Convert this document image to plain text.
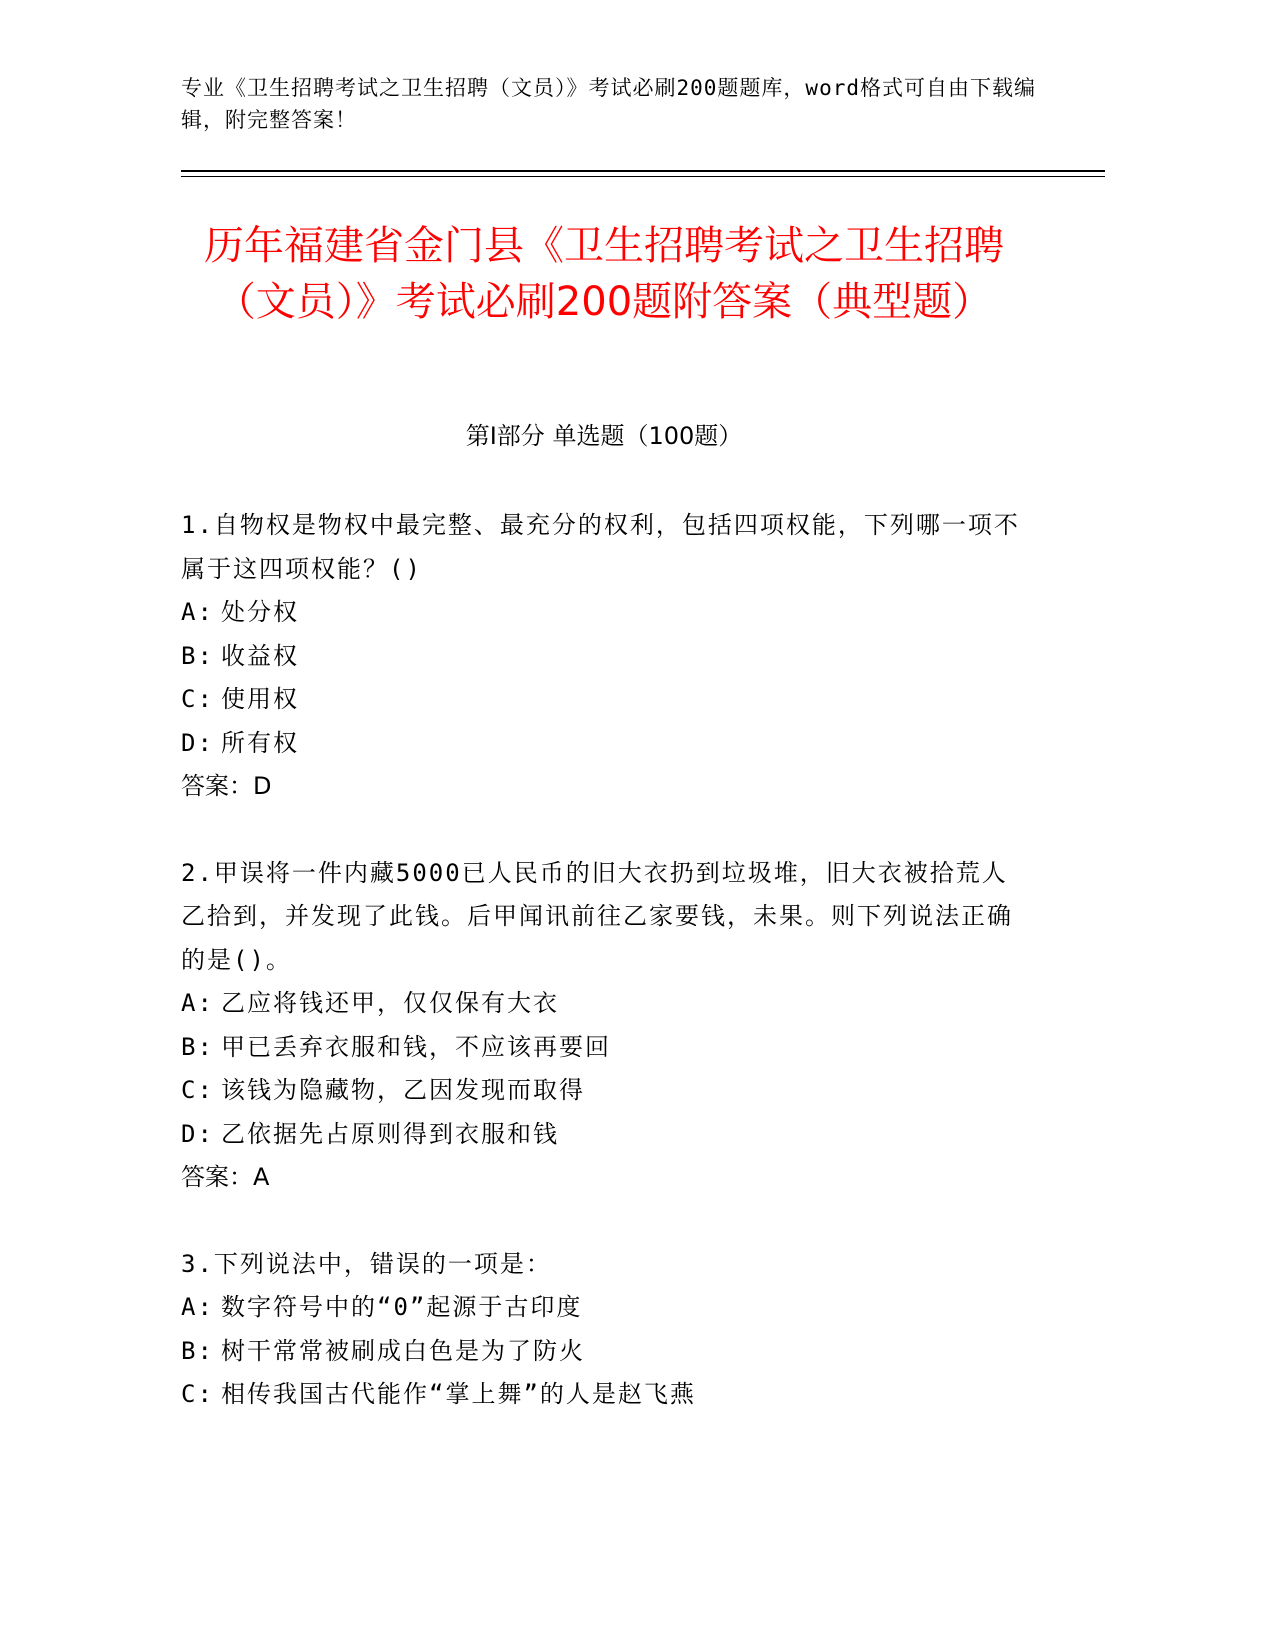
专业《卫生招聘考试之卫生招聘（文员）》考试必刷200题题库，word格式可自由下载编辑，附完整答案！
历年福建省金门县《卫生招聘考试之卫生招聘（文员）》考试必刷200题附答案（典型题）
第Ⅰ部分 单选题（100题）
1.自物权是物权中最完整、最充分的权利，包括四项权能，下列哪一项不属于这四项权能？()
A: 处分权
B: 收益权
C: 使用权
D: 所有权
答案：D
2.甲误将一件内藏5000已人民币的旧大衣扔到垃圾堆，旧大衣被拾荒人乙拾到，并发现了此钱。后甲闻讯前往乙家要钱，未果。则下列说法正确的是()。
A: 乙应将钱还甲，仅仅保有大衣
B: 甲已丢弃衣服和钱，不应该再要回
C: 该钱为隐藏物，乙因发现而取得
D: 乙依据先占原则得到衣服和钱
答案：A
3.下列说法中，错误的一项是：
A: 数字符号中的“0”起源于古印度
B: 树干常常被刷成白色是为了防火
C: 相传我国古代能作“掌上舞”的人是赵飞燕
